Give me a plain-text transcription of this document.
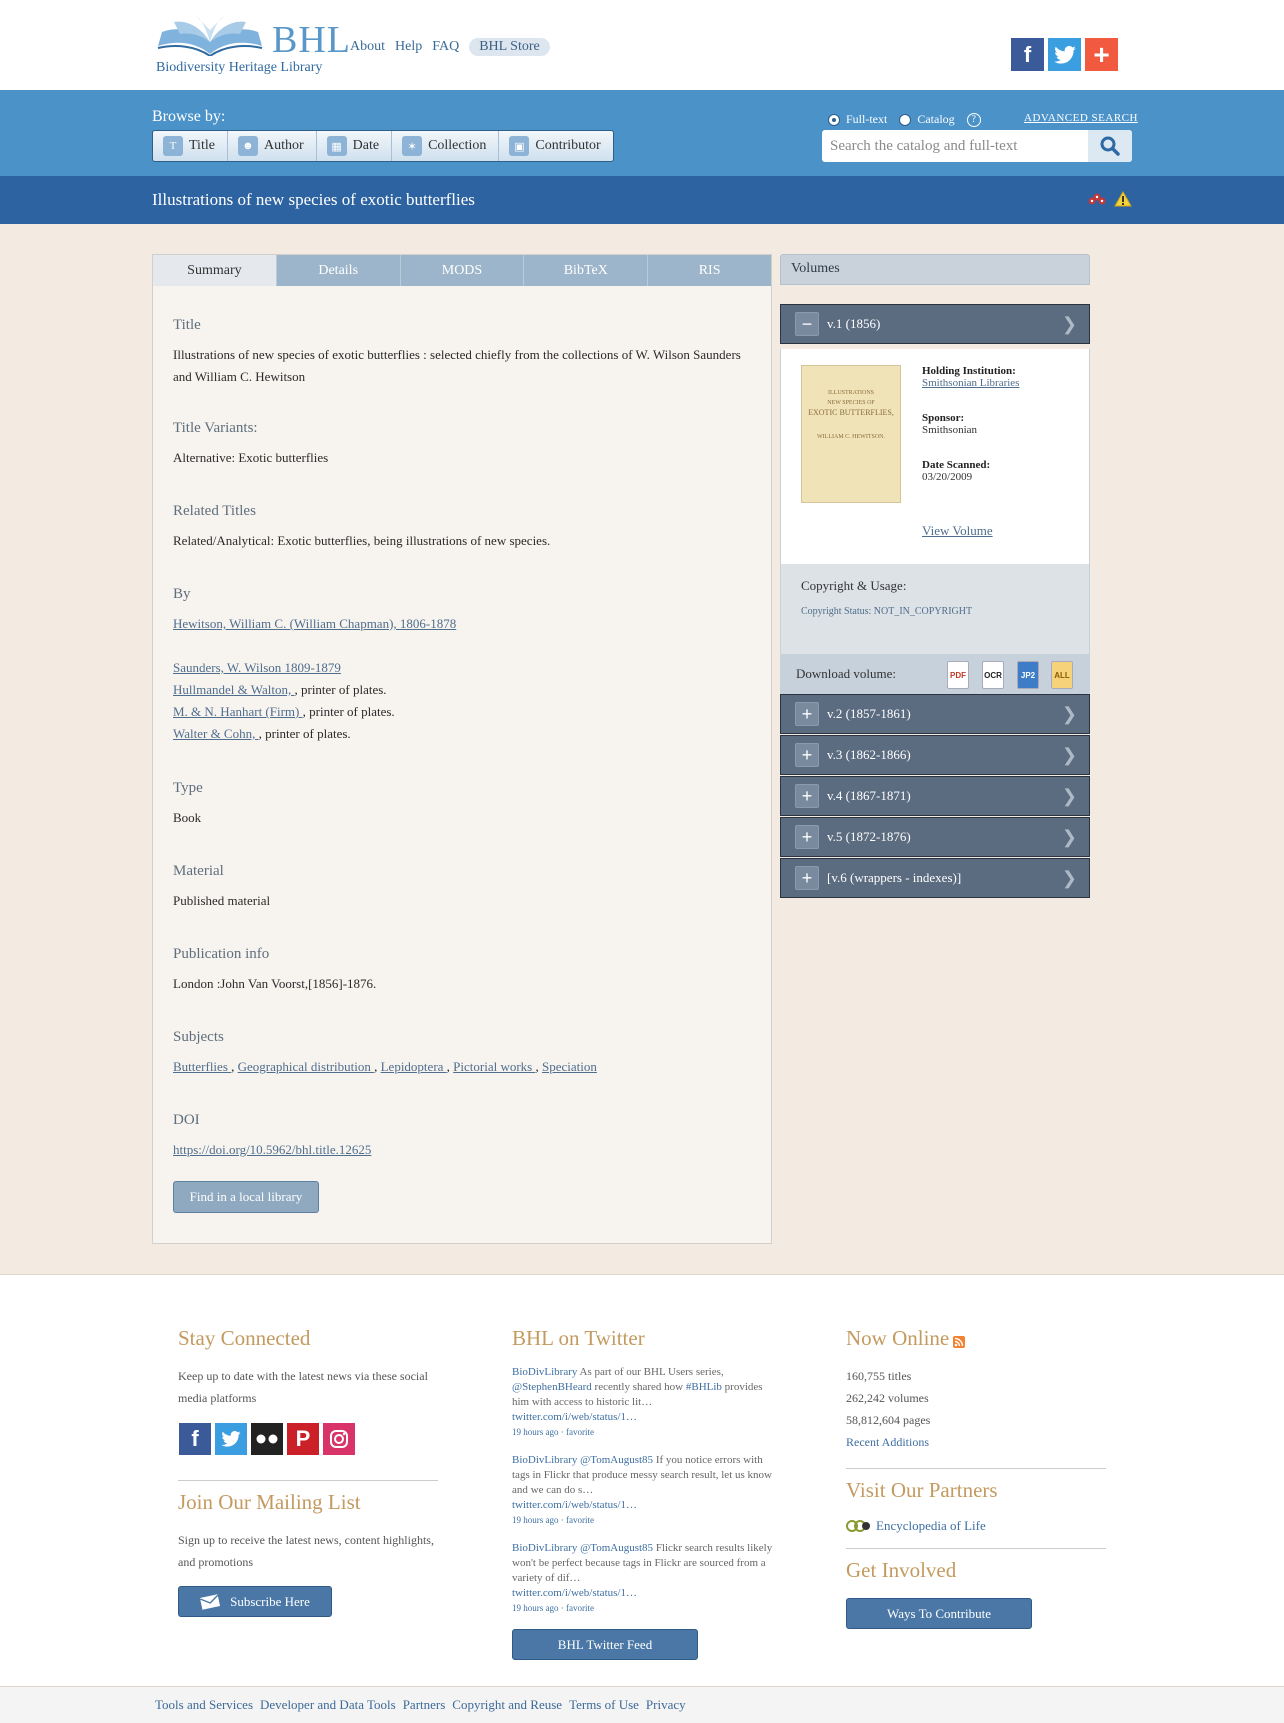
BHL
Biodiversity Heritage Library
About Help FAQ	BHL Store	f	+
Browse by:
T Title	☻ Author	▦ Date	✶ Collection	▣ Contributor
Full-text	Catalog	?	ADVANCED SEARCH
Search the catalog and full-text
Illustrations of new species of exotic butterflies
Summary	Details	MODS	BibTeX	RIS
Title
Illustrations of new species of exotic butterflies : selected chiefly from the collections of W. Wilson Saunders and William C. Hewitson
Title Variants:
Alternative: Exotic butterflies
Related Titles
Related/Analytical: Exotic butterflies, being illustrations of new species.
By
Hewitson, William C. (William Chapman), 1806-1878
Saunders, W. Wilson 1809-1879
Hullmandel & Walton, , printer of plates.
M. & N. Hanhart (Firm) , printer of plates.
Walter & Cohn, , printer of plates.
Type
Book
Material
Published material
Publication info
London :John Van Voorst,[1856]-1876.
Subjects
Butterflies , Geographical distribution , Lepidoptera , Pictorial works , Speciation
DOI
https://doi.org/10.5962/bhl.title.12625
Find in a local library
Volumes
−	v.1 (1856)	❯
ILLUSTRATIONS
NEW SPECIES OF
EXOTIC BUTTERFLIES,
WILLIAM C. HEWITSON.
Holding Institution:
Smithsonian Libraries
Sponsor:
Smithsonian
Date Scanned:
03/20/2009
View Volume
Copyright & Usage:
Copyright Status: NOT_IN_COPYRIGHT
Download volume:	PDF	OCR	JP2	ALL
+	v.2 (1857-1861)	❯
+	v.3 (1862-1866)	❯
+	v.4 (1867-1871)	❯
+	v.5 (1872-1876)	❯
+	[v.6 (wrappers - indexes)]	❯
Stay Connected
Keep up to date with the latest news via these social media platforms
f	P
Join Our Mailing List
Sign up to receive the latest news, content highlights, and promotions
Subscribe Here
BHL on Twitter
BioDivLibrary As part of our BHL Users series, @StephenBHeard recently shared how #BHLib provides him with access to historic lit…
twitter.com/i/web/status/1…
19 hours ago · favorite
BioDivLibrary @TomAugust85 If you notice errors with tags in Flickr that produce messy search result, let us know and we can do s…
twitter.com/i/web/status/1…
19 hours ago · favorite
BioDivLibrary @TomAugust85 Flickr search results likely won't be perfect because tags in Flickr are sourced from a variety of dif…
twitter.com/i/web/status/1…
19 hours ago · favorite
BHL Twitter Feed
Now Online
160,755 titles
262,242 volumes
58,812,604 pages
Recent Additions
Visit Our Partners
Encyclopedia of Life
Get Involved
Ways To Contribute
Tools and Services Developer and Data Tools Partners Copyright and Reuse Terms of Use Privacy
